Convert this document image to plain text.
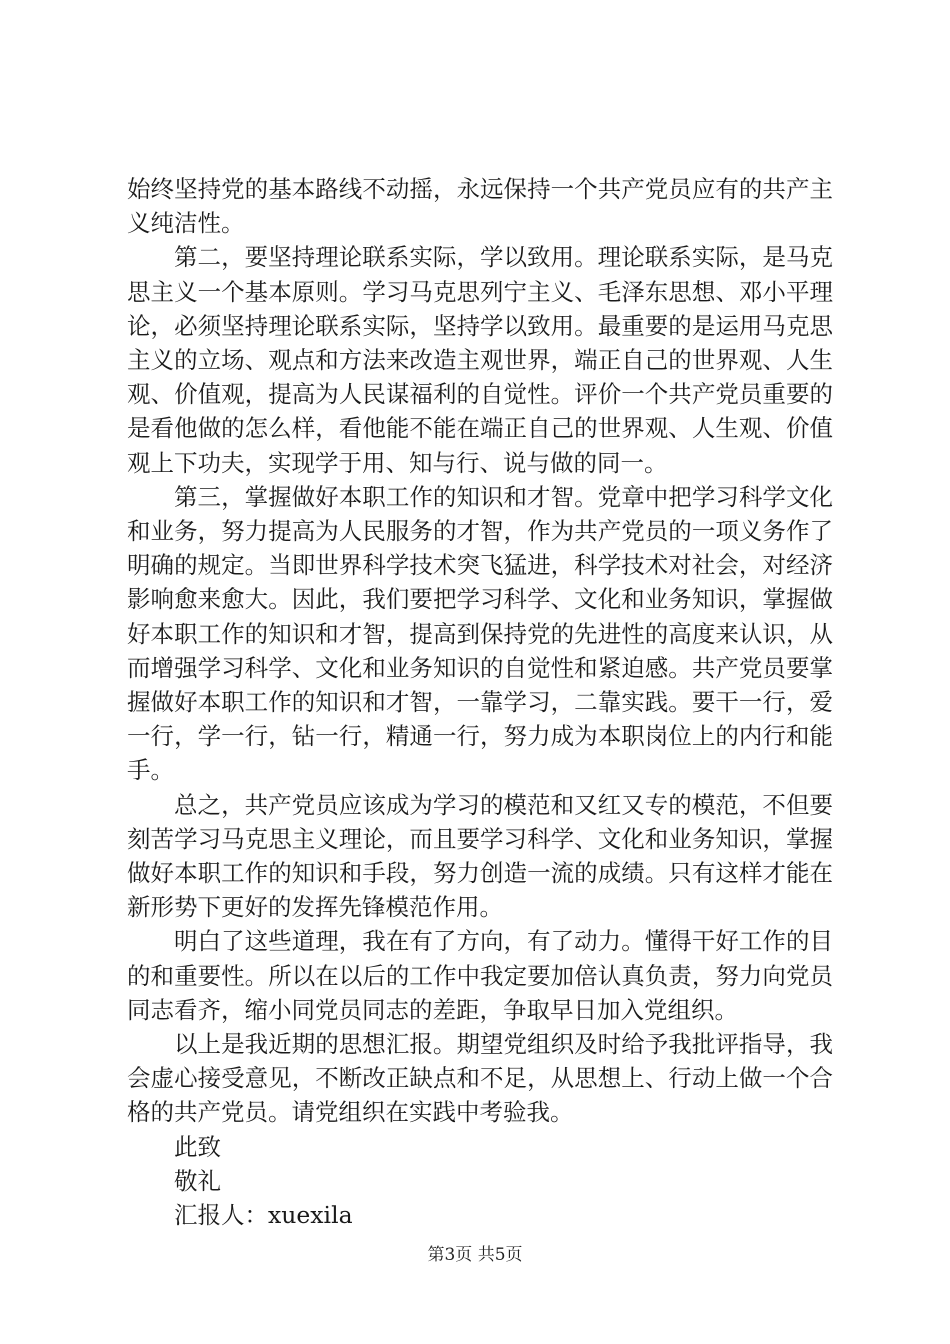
始终坚持党的基本路线不动摇，永远保持一个共产党员应有的共产主义纯洁性。

第二，要坚持理论联系实际，学以致用。理论联系实际，是马克思主义一个基本原则。学习马克思列宁主义、毛泽东思想、邓小平理论，必须坚持理论联系实际，坚持学以致用。最重要的是运用马克思主义的立场、观点和方法来改造主观世界，端正自己的世界观、人生观、价值观，提高为人民谋福利的自觉性。评价一个共产党员重要的是看他做的怎么样，看他能不能在端正自己的世界观、人生观、价值观上下功夫，实现学于用、知与行、说与做的同一。

第三，掌握做好本职工作的知识和才智。党章中把学习科学文化和业务，努力提高为人民服务的才智，作为共产党员的一项义务作了明确的规定。当即世界科学技术突飞猛进，科学技术对社会，对经济影响愈来愈大。因此，我们要把学习科学、文化和业务知识，掌握做好本职工作的知识和才智，提高到保持党的先进性的高度来认识，从而增强学习科学、文化和业务知识的自觉性和紧迫感。共产党员要掌握做好本职工作的知识和才智，一靠学习，二靠实践。要干一行，爱一行，学一行，钻一行，精通一行，努力成为本职岗位上的内行和能手。

总之，共产党员应该成为学习的模范和又红又专的模范，不但要刻苦学习马克思主义理论，而且要学习科学、文化和业务知识，掌握做好本职工作的知识和手段，努力创造一流的成绩。只有这样才能在新形势下更好的发挥先锋模范作用。

明白了这些道理，我在有了方向，有了动力。懂得干好工作的目的和重要性。所以在以后的工作中我定要加倍认真负责，努力向党员同志看齐，缩小同党员同志的差距，争取早日加入党组织。

以上是我近期的思想汇报。期望党组织及时给予我批评指导，我会虚心接受意见，不断改正缺点和不足，从思想上、行动上做一个合格的共产党员。请党组织在实践中考验我。

此致

敬礼

汇报人：xuexila

第3页 共5页
